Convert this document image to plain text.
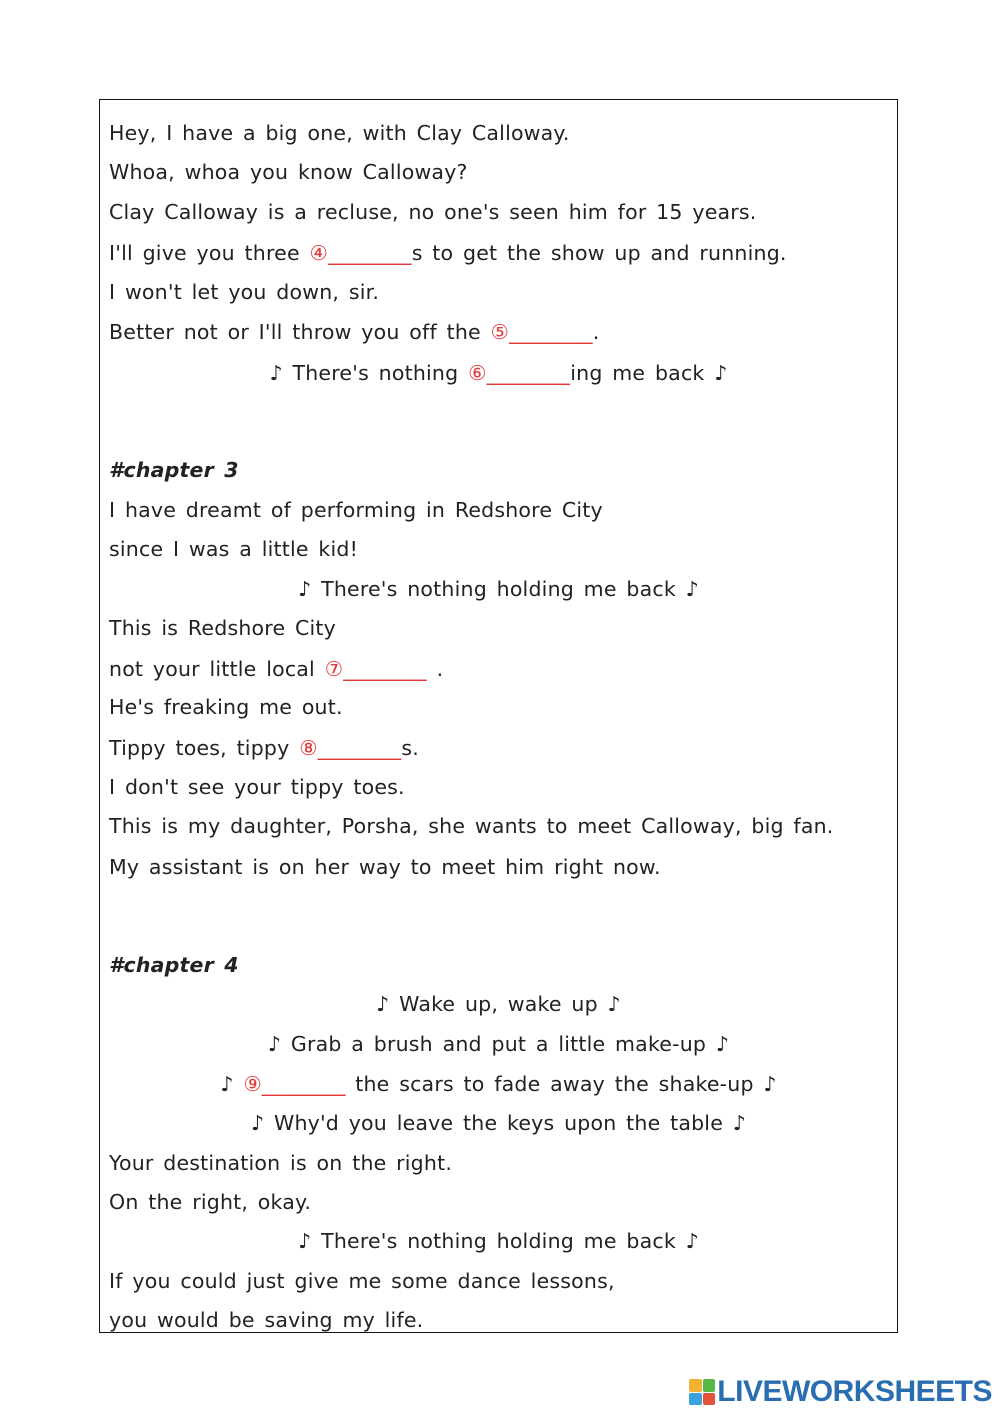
Hey, I have a big one, with Clay Calloway.
Whoa, whoa you know Calloway?
Clay Calloway is a recluse, no one's seen him for 15 years.
I'll give you three ④________s to get the show up and running.
I won't let you down, sir.
Better not or I'll throw you off the ⑤________.
♪ There's nothing ⑥________ing me back ♪
#chapter 3
I have dreamt of performing in Redshore City
since I was a little kid!
♪ There's nothing holding me back ♪
This is Redshore City
not your little local ⑦________ .
He's freaking me out.
Tippy toes, tippy ⑧________s.
I don't see your tippy toes.
This is my daughter, Porsha, she wants to meet Calloway, big fan.
My assistant is on her way to meet him right now.
#chapter 4
♪ Wake up, wake up ♪
♪ Grab a brush and put a little make-up ♪
♪ ⑨________ the scars to fade away the shake-up ♪
♪ Why'd you leave the keys upon the table ♪
Your destination is on the right.
On the right, okay.
♪ There's nothing holding me back ♪
If you could just give me some dance lessons,
you would be saving my life.
LIVEWORKSHEETS
